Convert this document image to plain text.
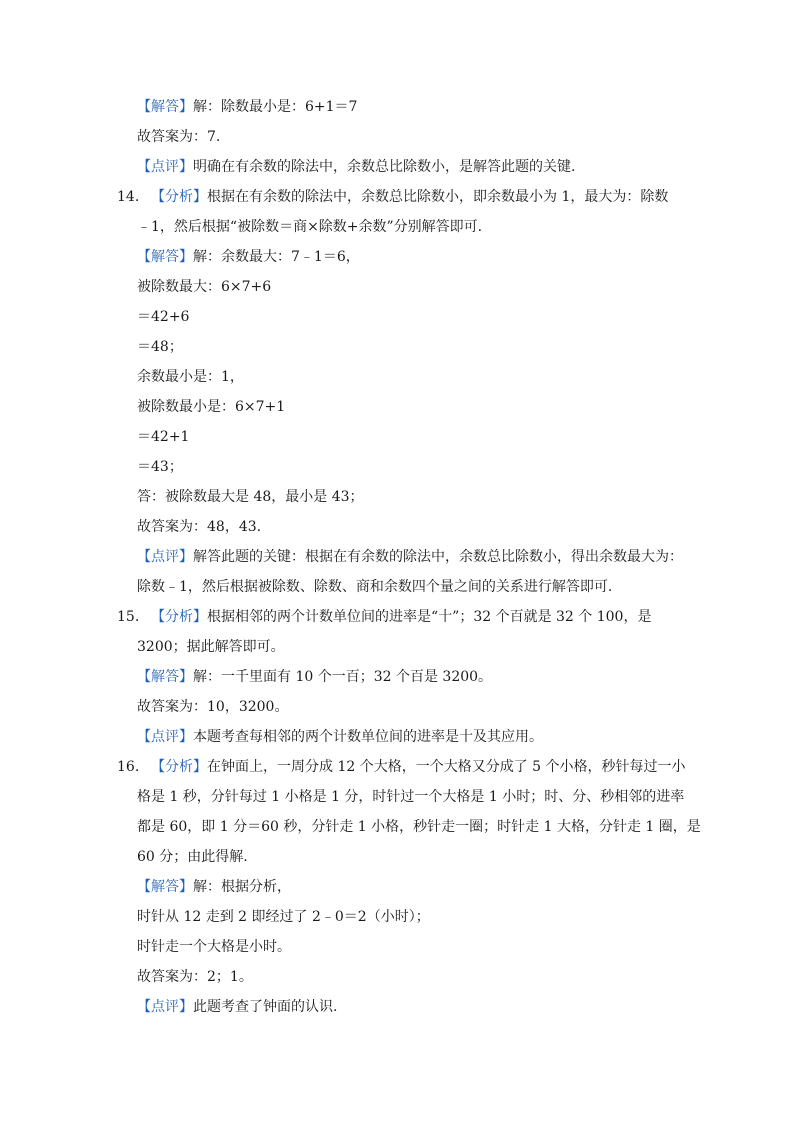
【解答】解：除数最小是：6+1＝7
故答案为：7.
【点评】明确在有余数的除法中，余数总比除数小，是解答此题的关键.
14. 【分析】根据在有余数的除法中，余数总比除数小，即余数最小为 1，最大为：除数
﹣1，然后根据“被除数＝商×除数+余数”分别解答即可.
【解答】解：余数最大：7﹣1＝6，
被除数最大：6×7+6
＝42+6
＝48；
余数最小是：1，
被除数最小是：6×7+1
＝42+1
＝43；
答：被除数最大是 48，最小是 43；
故答案为：48，43.
【点评】解答此题的关键：根据在有余数的除法中，余数总比除数小，得出余数最大为：
除数﹣1，然后根据被除数、除数、商和余数四个量之间的关系进行解答即可.
15. 【分析】根据相邻的两个计数单位间的进率是“十”；32 个百就是 32 个 100，是
3200；据此解答即可。
【解答】解：一千里面有 10 个一百；32 个百是 3200。
故答案为：10，3200。
【点评】本题考查每相邻的两个计数单位间的进率是十及其应用。
16. 【分析】在钟面上，一周分成 12 个大格，一个大格又分成了 5 个小格，秒针每过一小
格是 1 秒，分针每过 1 小格是 1 分，时针过一个大格是 1 小时；时、分、秒相邻的进率
都是 60，即 1 分＝60 秒，分针走 1 小格，秒针走一圈；时针走 1 大格，分针走 1 圈，是
60 分；由此得解.
【解答】解：根据分析，
时针从 12 走到 2 即经过了 2﹣0＝2（小时）；
时针走一个大格是小时。
故答案为：2；1。
【点评】此题考查了钟面的认识.
